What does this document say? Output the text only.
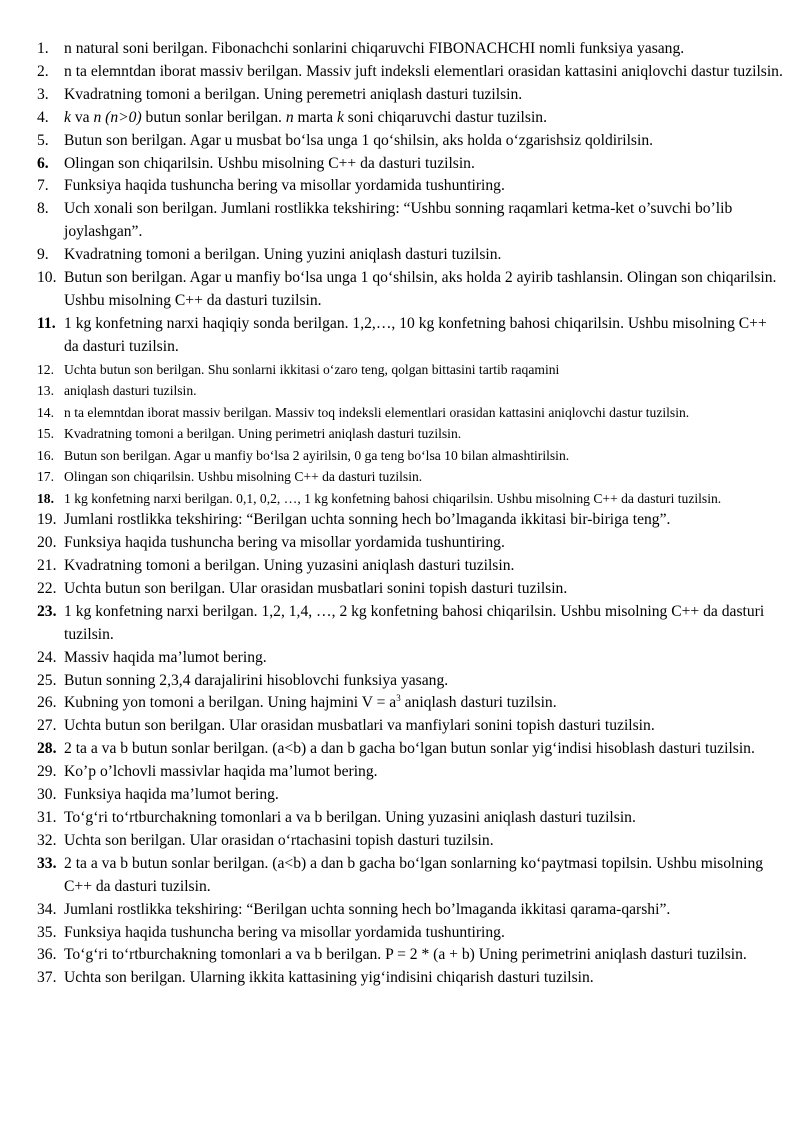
1. n natural soni berilgan. Fibonachchi sonlarini chiqaruvchi FIBONACHCHI nomli funksiya yasang.
2. n ta elemntdan iborat massiv berilgan. Massiv juft indeksli elementlari orasidan kattasini aniqlovchi dastur tuzilsin.
3. Kvadratning tomoni a berilgan. Uning peremetri aniqlash dasturi tuzilsin.
4. k va n (n>0) butun sonlar berilgan. n marta k soni chiqaruvchi dastur tuzilsin.
5. Butun son berilgan. Agar u musbat bo‘lsa unga 1 qo‘shilsin, aks holda o‘zgarishsiz qoldirilsin.
6. Olingan son chiqarilsin. Ushbu misolning C++ da dasturi tuzilsin.
7. Funksiya haqida tushuncha bering va misollar yordamida tushuntiring.
8. Uch xonali son berilgan. Jumlani rostlikka tekshiring: “Ushbu sonning raqamlari ketma-ket o’suvchi bo’lib joylashgan”.
9. Kvadratning tomoni a berilgan. Uning yuzini aniqlash dasturi tuzilsin.
10. Butun son berilgan. Agar u manfiy bo‘lsa unga 1 qo‘shilsin, aks holda 2 ayirib tashlansin. Olingan son chiqarilsin. Ushbu misolning C++ da dasturi tuzilsin.
11. 1 kg konfetning narxi haqiqiy sonda berilgan. 1,2,…, 10 kg konfetning bahosi chiqarilsin. Ushbu misolning C++ da dasturi tuzilsin.
12. Uchta butun son berilgan. Shu sonlarni ikkitasi o‘zaro teng, qolgan bittasini tartib raqamini
13. aniqlash dasturi tuzilsin.
14. n ta elemntdan iborat massiv berilgan. Massiv toq indeksli elementlari orasidan kattasini aniqlovchi dastur tuzilsin.
15. Kvadratning tomoni a berilgan. Uning perimetri aniqlash dasturi tuzilsin.
16. Butun son berilgan. Agar u manfiy bo‘lsa 2 ayirilsin, 0 ga teng bo‘lsa 10 bilan almashtirilsin.
17. Olingan son chiqarilsin. Ushbu misolning C++ da dasturi tuzilsin.
18. 1 kg konfetning narxi berilgan. 0,1, 0,2, …, 1 kg konfetning bahosi chiqarilsin. Ushbu misolning C++ da dasturi tuzilsin.
19. Jumlani rostlikka tekshiring: “Berilgan uchta sonning hech bo’lmaganda ikkitasi bir-biriga teng”.
20. Funksiya haqida tushuncha bering va misollar yordamida tushuntiring.
21. Kvadratning tomoni a berilgan. Uning yuzasini aniqlash dasturi tuzilsin.
22. Uchta butun son berilgan. Ular orasidan musbatlari sonini topish dasturi tuzilsin.
23. 1 kg konfetning narxi berilgan. 1,2, 1,4, …, 2 kg konfetning bahosi chiqarilsin. Ushbu misolning C++ da dasturi tuzilsin.
24. Massiv haqida ma’lumot bering.
25. Butun sonning 2,3,4 darajalirini hisoblovchi funksiya yasang.
26. Kubning yon tomoni a berilgan. Uning hajmini $V = a^3$ aniqlash dasturi tuzilsin.
27. Uchta butun son berilgan. Ular orasidan musbatlari va manfiylari sonini topish dasturi tuzilsin.
28. 2 ta a va b butun sonlar berilgan. (a<b) a dan b gacha bo‘lgan butun sonlar yig‘indisi hisoblash dasturi tuzilsin.
29. Ko’p o’lchovli massivlar haqida ma’lumot bering.
30. Funksiya haqida ma’lumot bering.
31. To‘g‘ri to‘rtburchakning tomonlari a va b berilgan. Uning yuzasini aniqlash dasturi tuzilsin.
32. Uchta son berilgan. Ular orasidan o‘rtachasini topish dasturi tuzilsin.
33. 2 ta a va b butun sonlar berilgan. (a<b) a dan b gacha bo‘lgan sonlarning ko‘paytmasi topilsin. Ushbu misolning C++ da dasturi tuzilsin.
34. Jumlani rostlikka tekshiring: “Berilgan uchta sonning hech bo’lmaganda ikkitasi qarama-qarshi”.
35. Funksiya haqida tushuncha bering va misollar yordamida tushuntiring.
36. To‘g‘ri to‘rtburchakning tomonlari a va b berilgan. P = 2 * (a + b) Uning perimetrini aniqlash dasturi tuzilsin.
37. Uchta son berilgan. Ularning ikkita kattasining yig‘indisini chiqarish dasturi tuzilsin.
